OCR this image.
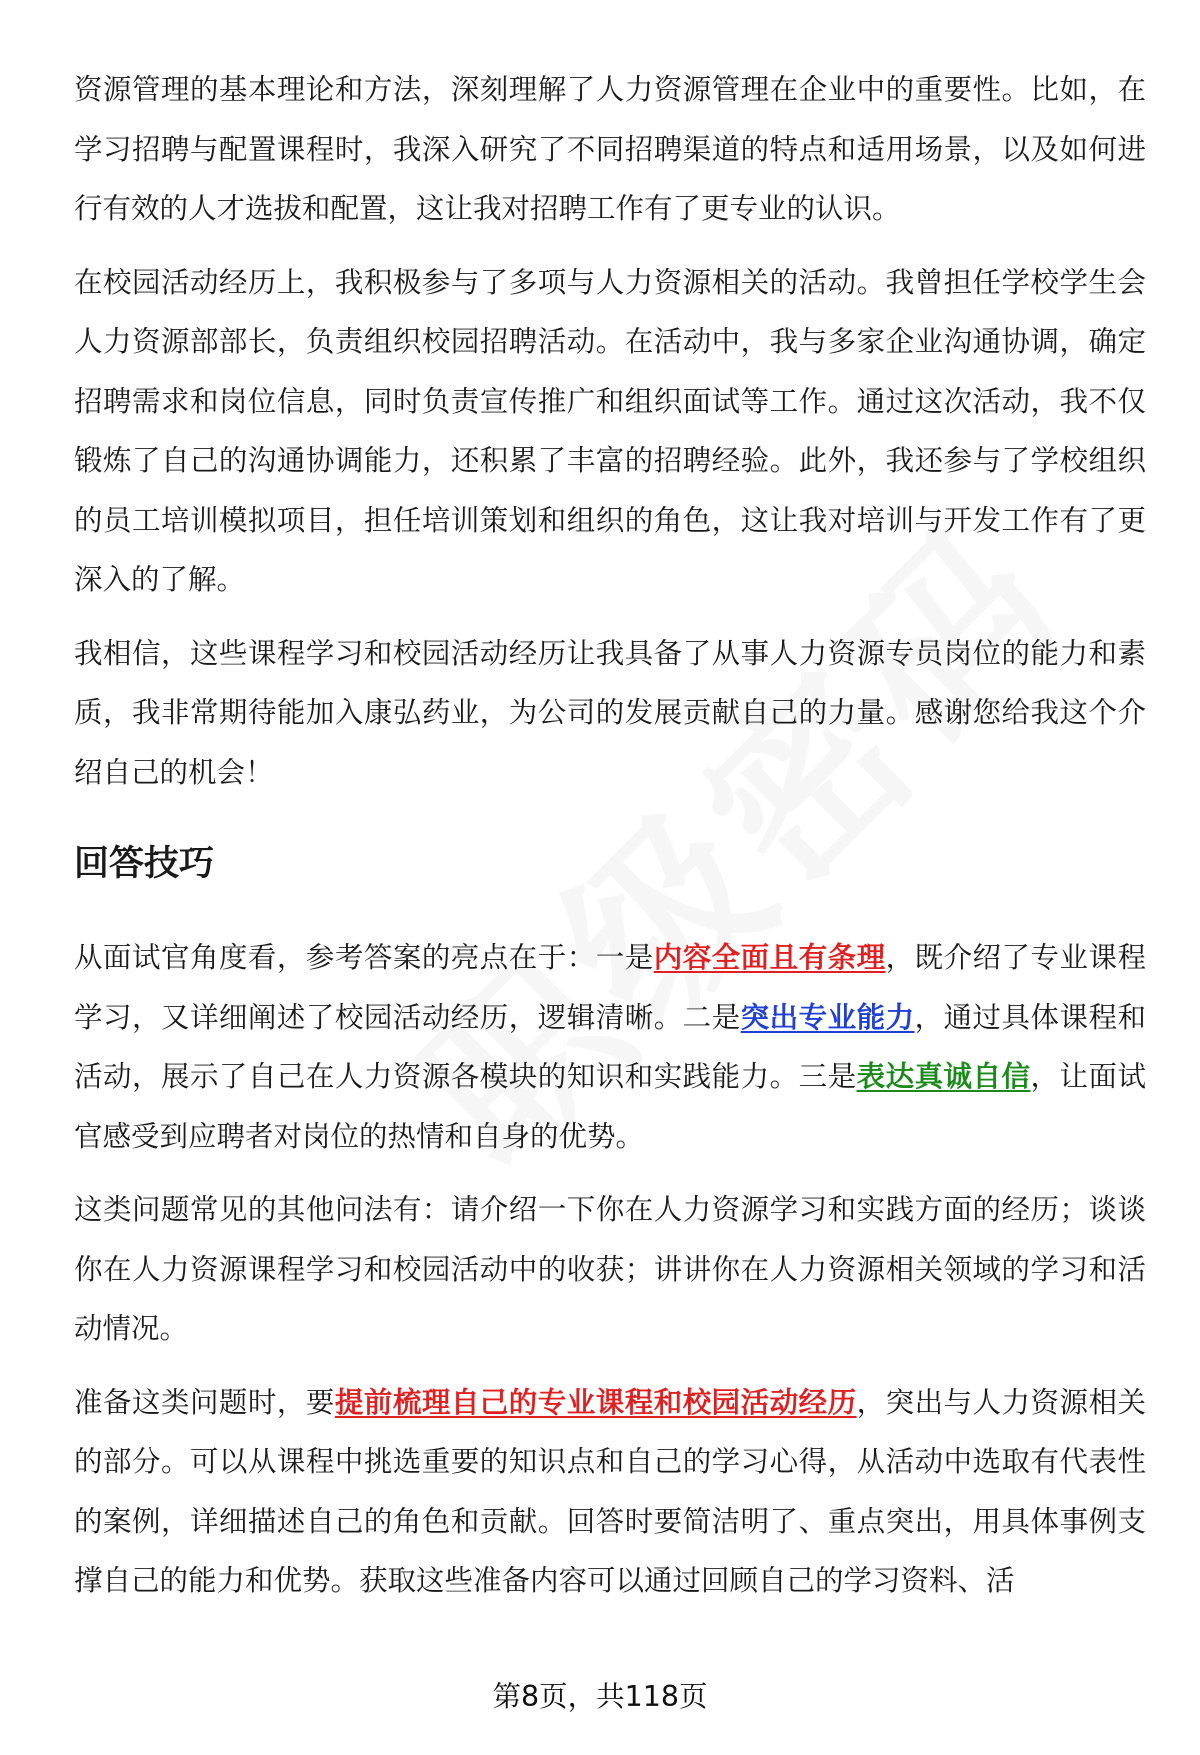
资源管理的基本理论和方法，深刻理解了人力资源管理在企业中的重要性。比如，在学习招聘与配置课程时，我深入研究了不同招聘渠道的特点和适用场景，以及如何进行有效的人才选拔和配置，这让我对招聘工作有了更专业的认识。

在校园活动经历上，我积极参与了多项与人力资源相关的活动。我曾担任学校学生会人力资源部部长，负责组织校园招聘活动。在活动中，我与多家企业沟通协调，确定招聘需求和岗位信息，同时负责宣传推广和组织面试等工作。通过这次活动，我不仅锻炼了自己的沟通协调能力，还积累了丰富的招聘经验。此外，我还参与了学校组织的员工培训模拟项目，担任培训策划和组织的角色，这让我对培训与开发工作有了更深入的了解。

我相信，这些课程学习和校园活动经历让我具备了从事人力资源专员岗位的能力和素质，我非常期待能加入康弘药业，为公司的发展贡献自己的力量。感谢您给我这个介绍自己的机会！

回答技巧

从面试官角度看，参考答案的亮点在于：一是内容全面且有条理，既介绍了专业课程学习，又详细阐述了校园活动经历，逻辑清晰。二是突出专业能力，通过具体课程和活动，展示了自己在人力资源各模块的知识和实践能力。三是表达真诚自信，让面试官感受到应聘者对岗位的热情和自身的优势。

这类问题常见的其他问法有：请介绍一下你在人力资源学习和实践方面的经历；谈谈你在人力资源课程学习和校园活动中的收获；讲讲你在人力资源相关领域的学习和活动情况。

准备这类问题时，要提前梳理自己的专业课程和校园活动经历，突出与人力资源相关的部分。可以从课程中挑选重要的知识点和自己的学习心得，从活动中选取有代表性的案例，详细描述自己的角色和贡献。回答时要简洁明了、重点突出，用具体事例支撑自己的能力和优势。获取这些准备内容可以通过回顾自己的学习资料、活

第8页，共118页
